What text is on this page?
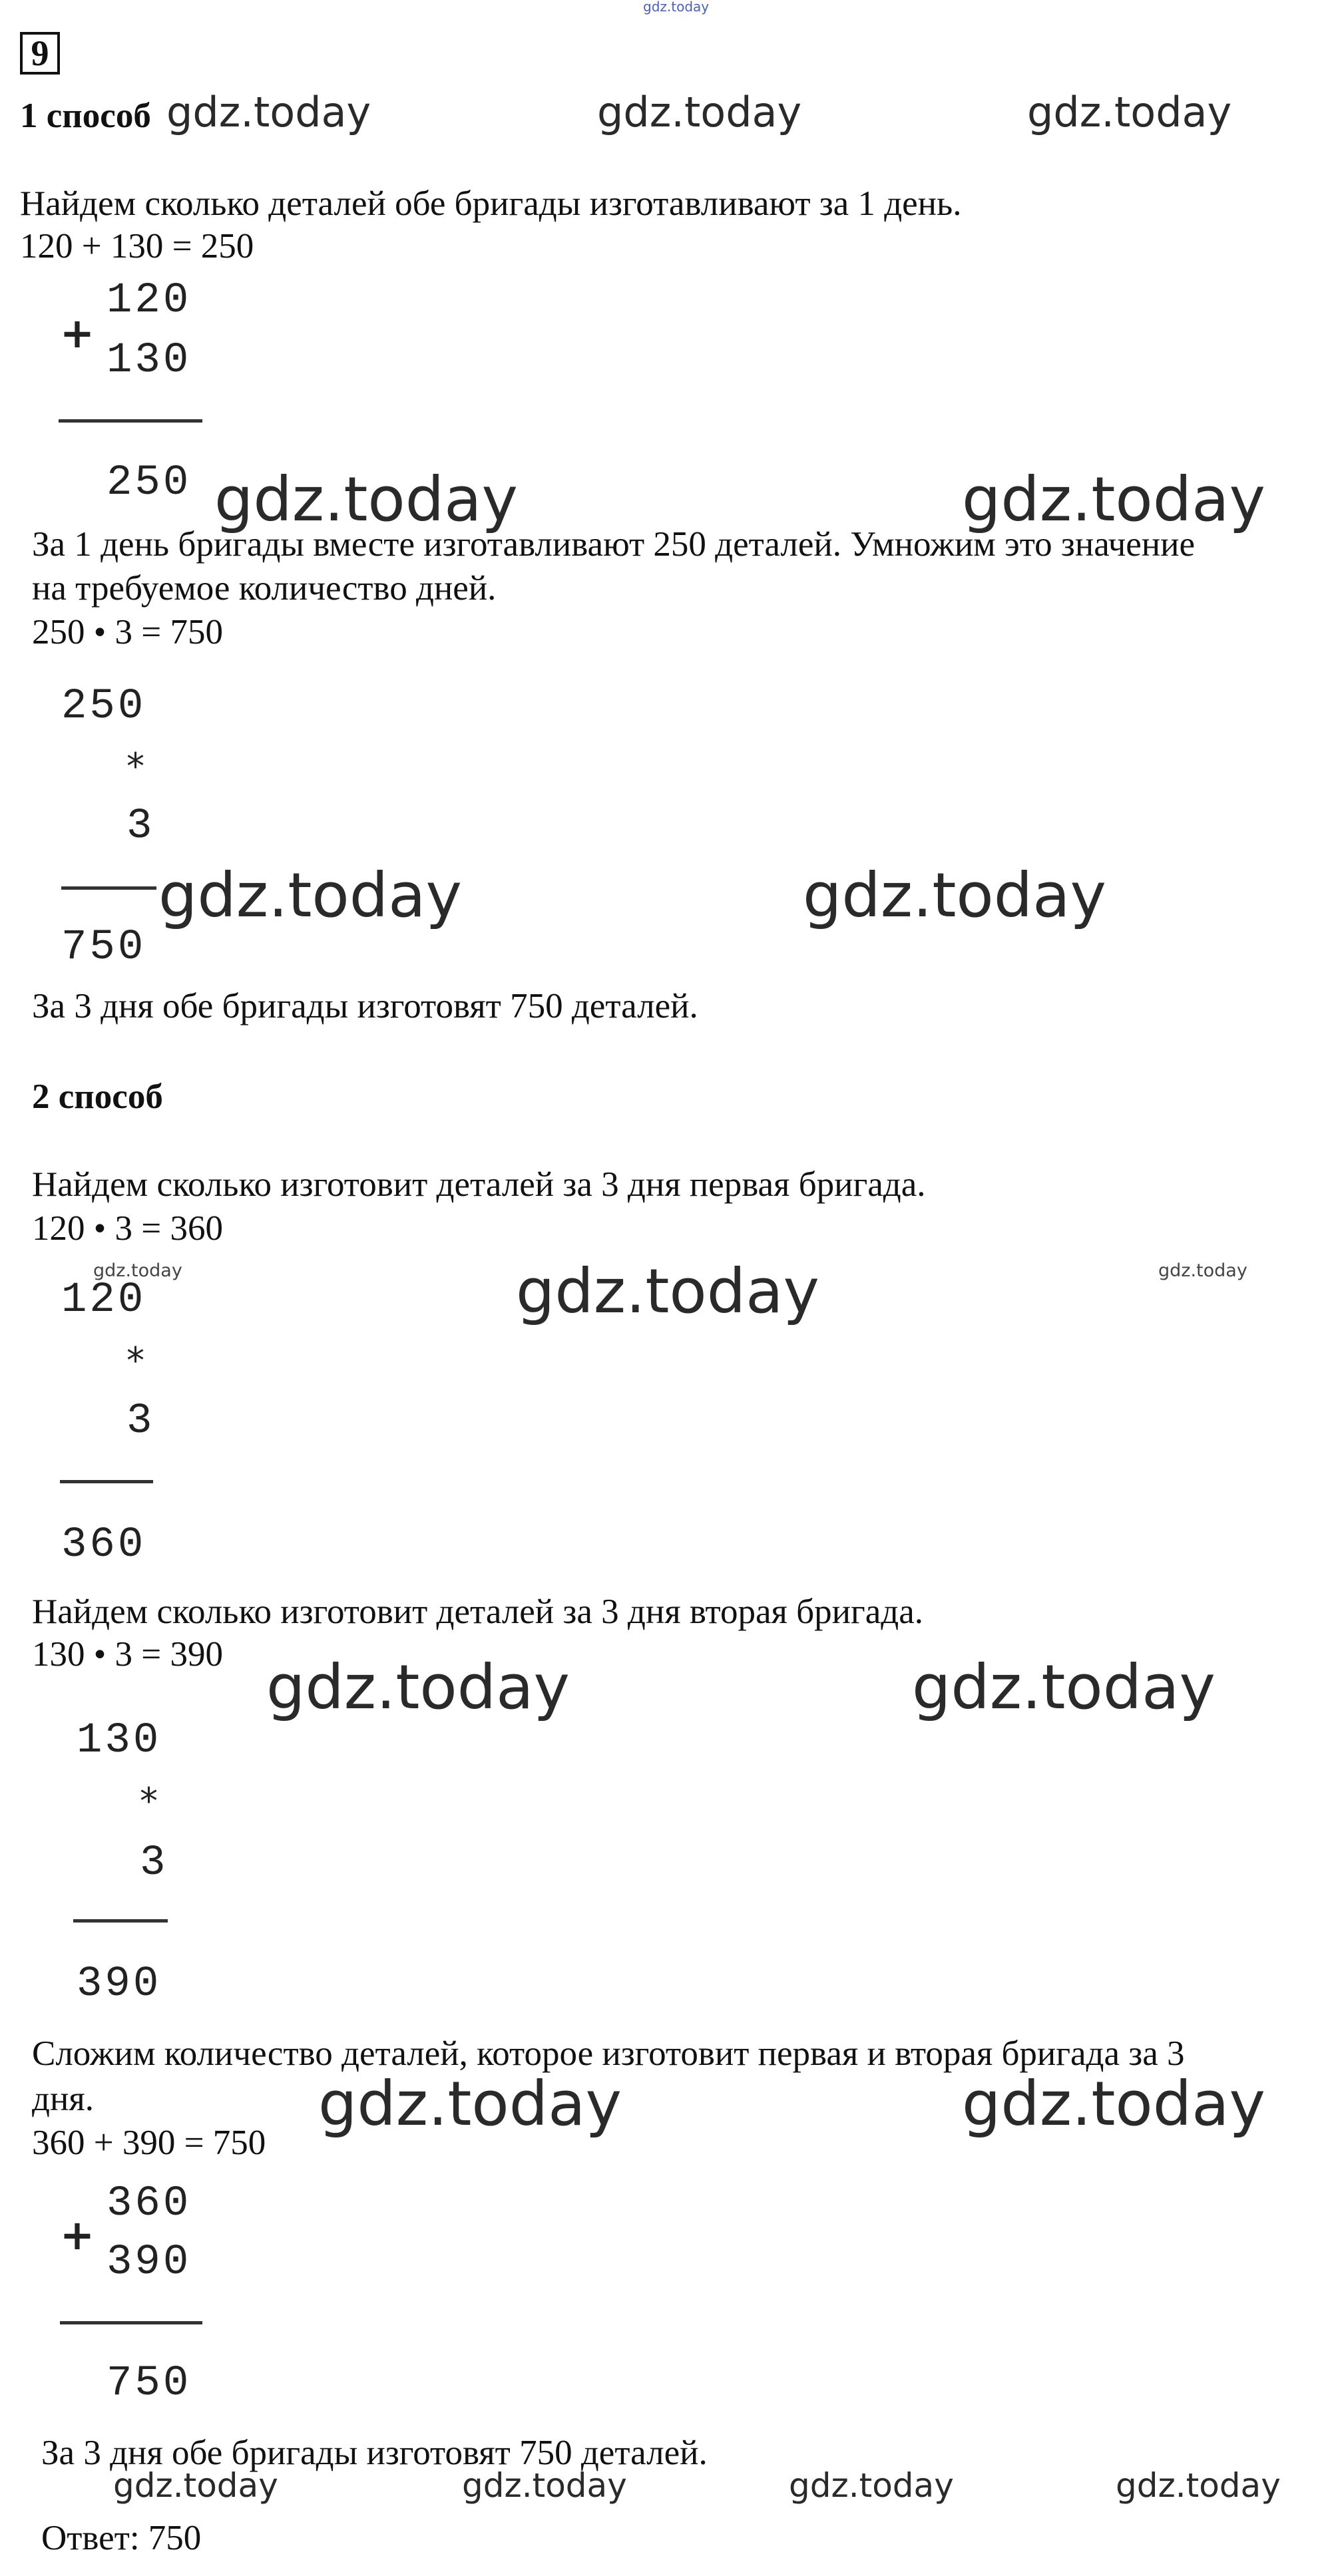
gdz.today
9
1 способ gdz.today	gdz.today	gdz.today
Найдем сколько деталей обе бригады изготавливают за 1 день.
120 + 130 = 250
+
120
130
250 gdz.today	gdz.today
За 1 день бригады вместе изготавливают 250 деталей. Умножим это значение
на требуемое количество дней.
250 • 3 = 750
250
*
3
750
gdz.today	gdz.today
За 3 дня обе бригады изготовят 750 деталей.
2 способ
Найдем сколько изготовит деталей за 3 дня первая бригада.
120 • 3 = 360
gdz.today	gdz.today	gdz.today
120
*
3
360
Найдем сколько изготовит деталей за 3 дня вторая бригада.
130 • 3 = 390 gdz.today	gdz.today
130
*
3
390
Сложим количество деталей, которое изготовит первая и вторая бригада за 3
дня.
360 + 390 = 750
gdz.today	gdz.today
+
360
390
750
За 3 дня обе бригады изготовят 750 деталей.
gdz.today	gdz.today	gdz.today	gdz.today
Ответ: 750
